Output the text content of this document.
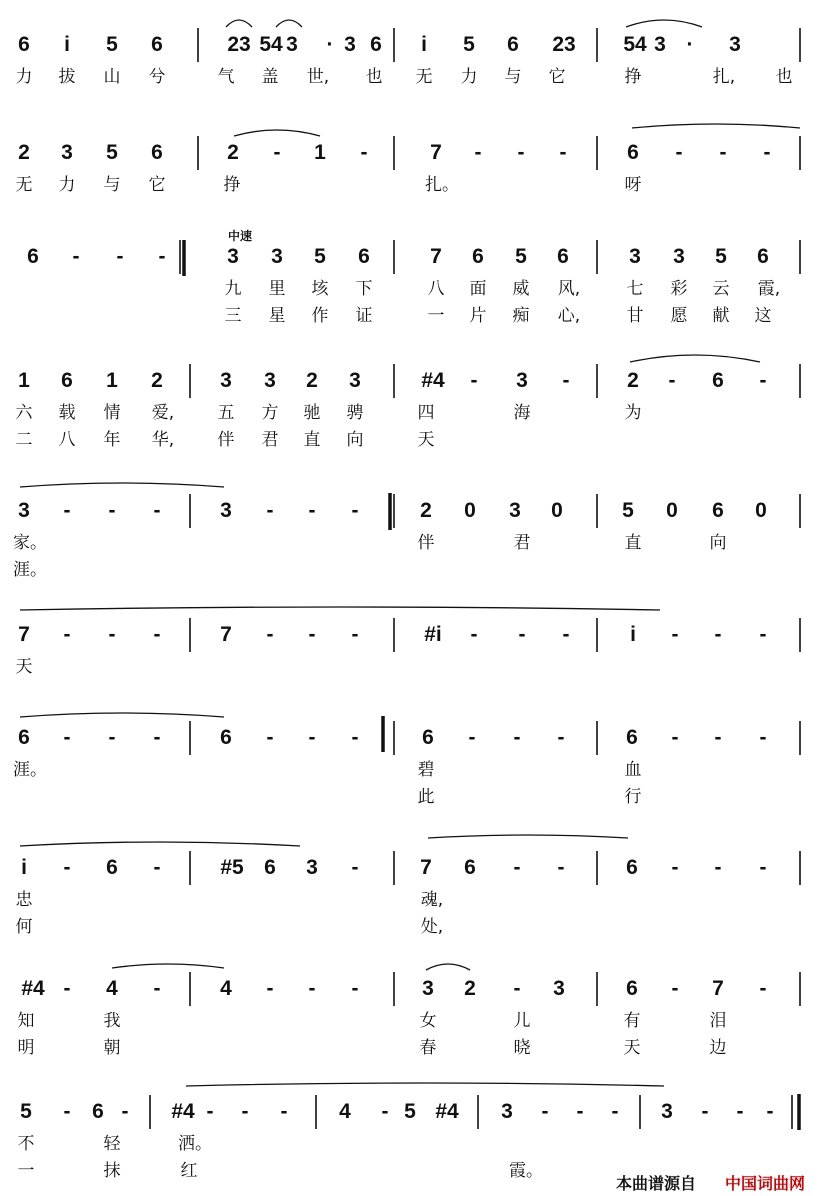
6	i	5 6	23 54 3	· 3 6	i	5 6 23 54 3 ·	3
力 拔 山 兮	气 盖	世,	也 无 力 与 它	挣	扎,	也
2 3 5 6	2	-	1	-	7	-	-	-	6	-	-	-
无 力 与 它	挣	扎。	呀
6	-	-	-	3 3 5 6	7 6 5 6	3 3 5 6
九 里 垓 下	八 面 威	风,	七 彩 云	霞,
三 星 作 证	一 片 痴	心,	甘 愿 献 这
1 6 1 2	3 3 2 3	#4	-	3	-	2	-	6	-
六 载 情	爱,	五 方 驰 骋	四	海	为
二 八 年	华,	伴 君 直 向	天
3	-	-	-	3	-	-	-	2 0 3 0	5 0 6 0
家。	伴	君	直	向
涯。
7	-	-	-	7	-	-	-	#i	-	-	-	i	-	-	-
天
6	-	-	-	6	-	-	-	6	-	-	-	6	-	-	-
涯。	碧	血
此	行
i	-	6	-	#5 6 3	-	7 6	-	-	6	-	-	-
忠	魂,
何	处,
#4 -	4	-	4	-	-	-	3 2	-	3	6	-	7	-
知	我	女	儿	有	泪
明	朝	春	晓	天	边
5	-	6 -	#4 -	-	-	4	- 5 #4 3	-	-	-	3	-	-	-
不	轻	洒。
一	抹	红	霞。
中速
本曲谱源自 中国词曲网
